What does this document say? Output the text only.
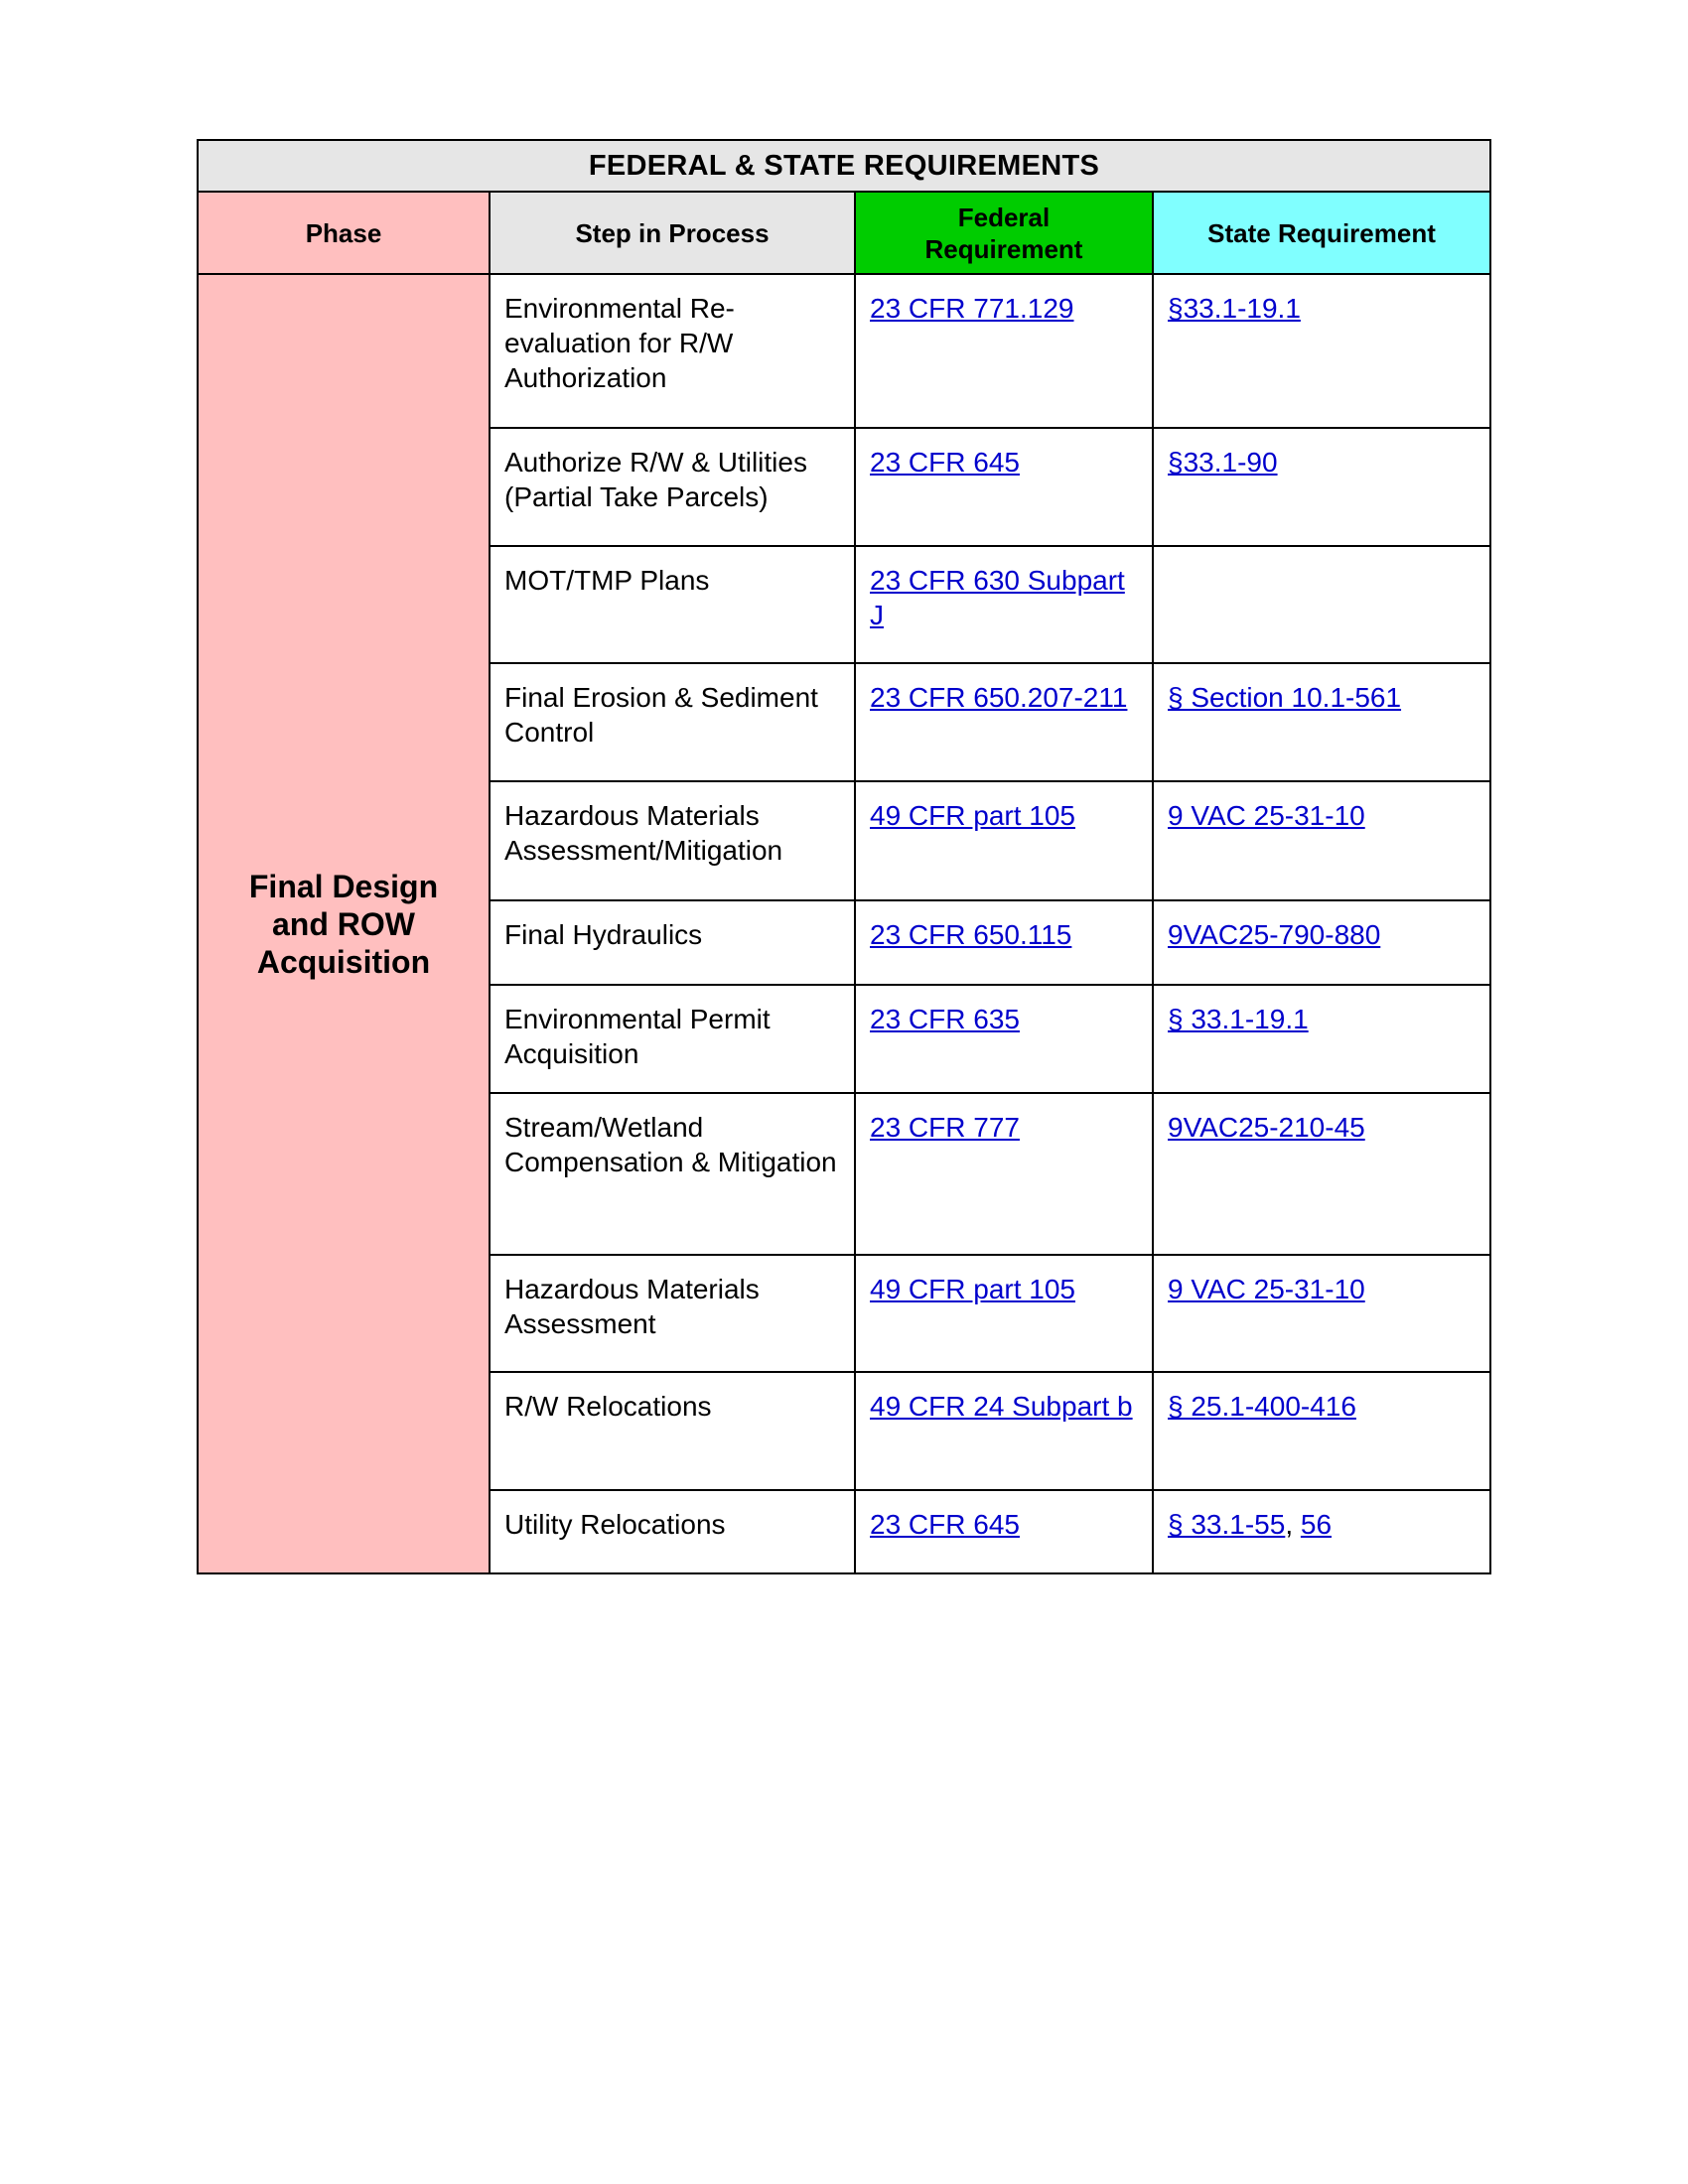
FEDERAL & STATE REQUIREMENTS			
Phase	Step in Process	Federal Requirement	State Requirement

Final Design and ROW Acquisition	Environmental Re-evaluation for R/W Authorization	23 CFR 771.129	§33.1-19.1
	Authorize R/W & Utilities (Partial Take Parcels)	23 CFR 645	§33.1-90
	MOT/TMP Plans	23 CFR 630 Subpart J	
	Final Erosion & Sediment Control	23 CFR 650.207-211	§ Section 10.1-561
	Hazardous Materials Assessment/Mitigation	49 CFR part 105	9 VAC 25-31-10
	Final Hydraulics	23 CFR 650.115	9VAC25-790-880
	Environmental Permit Acquisition	23 CFR 635	§ 33.1-19.1
	Stream/Wetland Compensation & Mitigation	23 CFR 777	9VAC25-210-45
	Hazardous Materials Assessment	49 CFR part 105	9 VAC 25-31-10
	R/W Relocations	49 CFR 24 Subpart b	§ 25.1-400-416
	Utility Relocations	23 CFR 645	§ 33.1-55, 56
